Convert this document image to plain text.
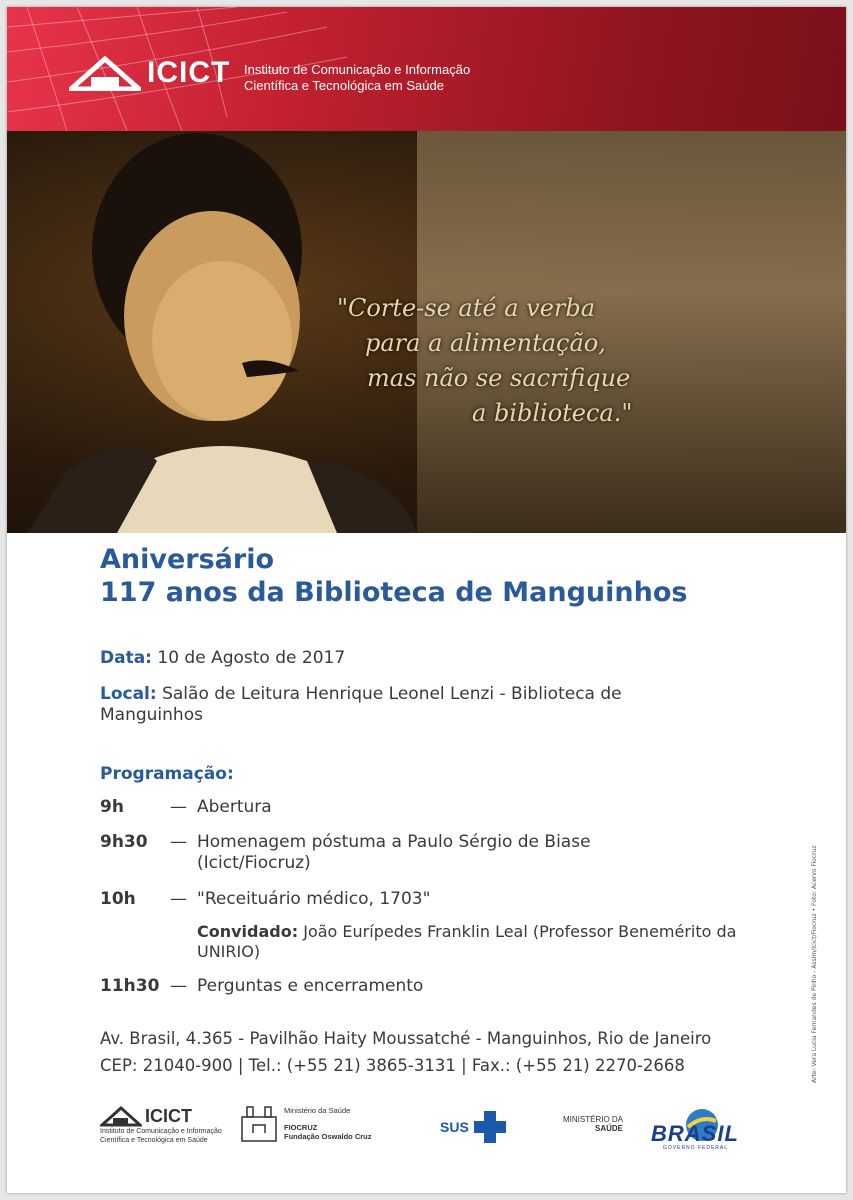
ICICT Instituto de Comunicação e Informação
Científica e Tecnológica em Saúde
"Corte-se até a verba
para a alimentação,
mas não se sacrifique
a biblioteca."
Aniversário
117 anos da Biblioteca de Manguinhos
Data: 10 de Agosto de 2017
Local: Salão de Leitura Henrique Leonel Lenzi - Biblioteca de Manguinhos
Programação:
9h	— Abertura
9h30	— Homenagem póstuma a Paulo Sérgio de Biase (Icict/Fiocruz)
10h	— "Receituário médico, 1703"
Convidado: João Eurípedes Franklin Leal (Professor Benemérito da UNIRIO)
11h30 — Perguntas e encerramento
Av. Brasil, 4.365 - Pavilhão Haity Moussatché - Manguinhos, Rio de Janeiro
CEP: 21040-900 | Tel.: (+55 21) 3865-3131 | Fax.: (+55 21) 2270-2668	Arte: Vera Lucia Fernandes de Pinho - Assim/Icict/Fiocruz • Foto: Acervo Fiocruz
ICICT
Instituto de Comunicação e Informação
Científica e Tecnológica em Saúde
Ministério da Saúde
FIOCRUZ
Fundação Oswaldo Cruz
SUS	MINISTÉRIO DA
SAÚDE BRASIL
GOVERNO FEDERAL
